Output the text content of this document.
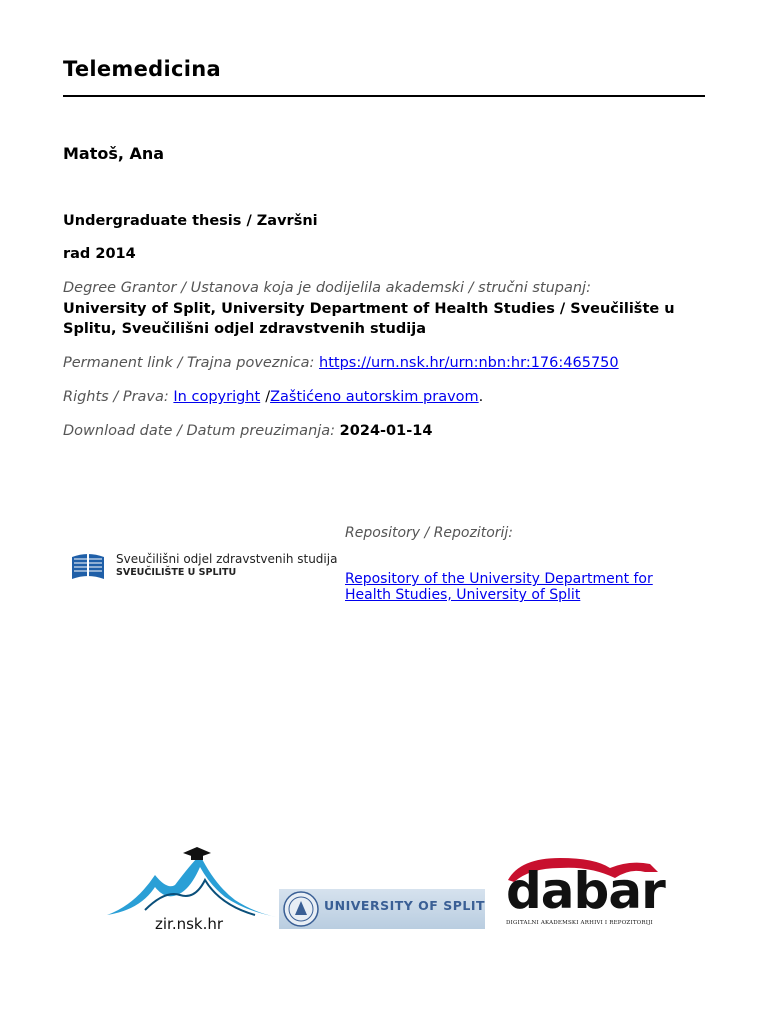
Telemedicina
Matoš, Ana
Undergraduate thesis / Završni
rad 2014
Degree Grantor / Ustanova koja je dodijelila akademski / stručni stupanj:
University of Split, University Department of Health Studies / Sveučilište u Splitu, Sveučilišni odjel zdravstvenih studija
Permanent link / Trajna poveznica: https://urn.nsk.hr/urn:nbn:hr:176:465750
Rights / Prava: In copyright /Zaštićeno autorskim pravom.
Download date / Datum preuzimanja: 2024-01-14
Sveučilišni odjel zdravstvenih studija
SVEUČILIŠTE U SPLITU
Repository / Repozitorij:
Repository of the University Department for Health Studies, University of Split
zir.nsk.hr
UNIVERSITY OF SPLIT dabar
DIGITALNI AKADEMSKI ARHIVI I REPOZITORIJI
